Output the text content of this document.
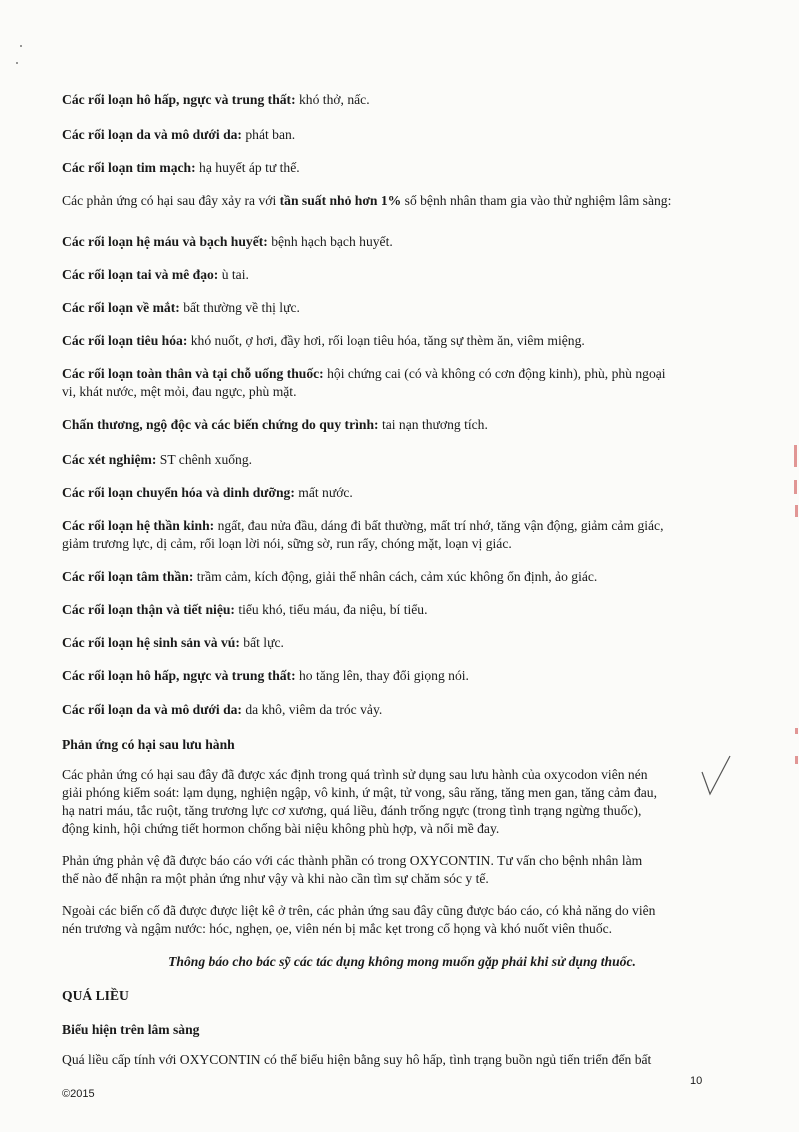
Các rối loạn hô hấp, ngực và trung thất: khó thở, nấc.
Các rối loạn da và mô dưới da: phát ban.
Các rối loạn tim mạch: hạ huyết áp tư thế.
Các phản ứng có hại sau đây xảy ra với tần suất nhỏ hơn 1% số bệnh nhân tham gia vào thử nghiệm lâm sàng:
Các rối loạn hệ máu và bạch huyết: bệnh hạch bạch huyết.
Các rối loạn tai và mê đạo: ù tai.
Các rối loạn về mắt: bất thường về thị lực.
Các rối loạn tiêu hóa: khó nuốt, ợ hơi, đầy hơi, rối loạn tiêu hóa, tăng sự thèm ăn, viêm miệng.
Các rối loạn toàn thân và tại chỗ uống thuốc: hội chứng cai (có và không có cơn động kinh), phù, phù ngoại
vi, khát nước, mệt mỏi, đau ngực, phù mặt.
Chấn thương, ngộ độc và các biến chứng do quy trình: tai nạn thương tích.
Các xét nghiệm: ST chênh xuống.
Các rối loạn chuyển hóa và dinh dưỡng: mất nước.
Các rối loạn hệ thần kinh: ngất, đau nửa đầu, dáng đi bất thường, mất trí nhớ, tăng vận động, giảm cảm giác,
giảm trương lực, dị cảm, rối loạn lời nói, sững sờ, run rẩy, chóng mặt, loạn vị giác.
Các rối loạn tâm thần: trầm cảm, kích động, giải thể nhân cách, cảm xúc không ổn định, ảo giác.
Các rối loạn thận và tiết niệu: tiểu khó, tiểu máu, đa niệu, bí tiểu.
Các rối loạn hệ sinh sản và vú: bất lực.
Các rối loạn hô hấp, ngực và trung thất: ho tăng lên, thay đổi giọng nói.
Các rối loạn da và mô dưới da: da khô, viêm da tróc vảy.
Phản ứng có hại sau lưu hành
Các phản ứng có hại sau đây đã được xác định trong quá trình sử dụng sau lưu hành của oxycodon viên nén
giải phóng kiểm soát: lạm dụng, nghiện ngập, vô kinh, ứ mật, tử vong, sâu răng, tăng men gan, tăng cảm đau,
hạ natri máu, tắc ruột, tăng trương lực cơ xương, quá liều, đánh trống ngực (trong tình trạng ngừng thuốc),
động kinh, hội chứng tiết hormon chống bài niệu không phù hợp, và nổi mề đay.
Phản ứng phản vệ đã được báo cáo với các thành phần có trong OXYCONTIN. Tư vấn cho bệnh nhân làm
thế nào để nhận ra một phản ứng như vậy và khi nào cần tìm sự chăm sóc y tế.
Ngoài các biến cố đã được được liệt kê ở trên, các phản ứng sau đây cũng được báo cáo, có khả năng do viên
nén trương và ngậm nước: hóc, nghẹn, ọe, viên nén bị mắc kẹt trong cổ họng và khó nuốt viên thuốc.
Thông báo cho bác sỹ các tác dụng không mong muốn gặp phải khi sử dụng thuốc.
QUÁ LIỀU
Biểu hiện trên lâm sàng
Quá liều cấp tính với OXYCONTIN có thể biểu hiện bằng suy hô hấp, tình trạng buồn ngủ tiến triển đến bất
10
©2015
